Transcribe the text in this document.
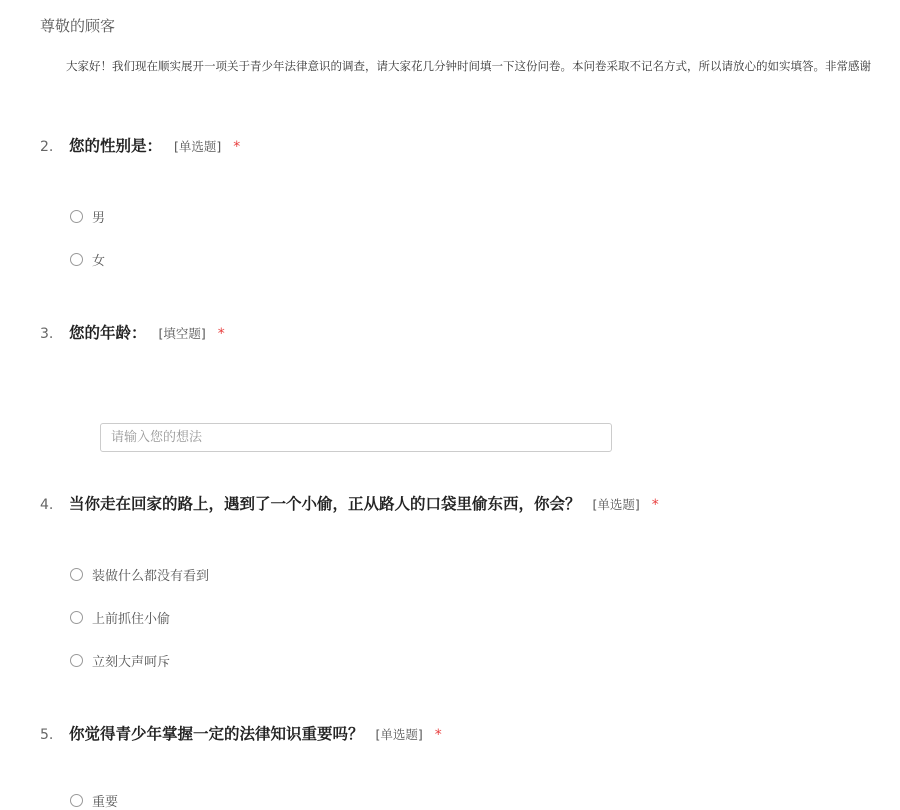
尊敬的顾客
大家好！我们现在顺实展开一项关于青少年法律意识的调查，请大家花几分钟时间填一下这份问卷。本问卷采取不记名方式，所以请放心的如实填答。非常感谢
2. 您的性别是： [单选题] *
男
女
3. 您的年龄： [填空题] *
请输入您的想法
4. 当你走在回家的路上，遇到了一个小偷，正从路人的口袋里偷东西，你会？ [单选题] *
装做什么都没有看到
上前抓住小偷
立刻大声呵斥
5. 你觉得青少年掌握一定的法律知识重要吗？ [单选题] *
重要
